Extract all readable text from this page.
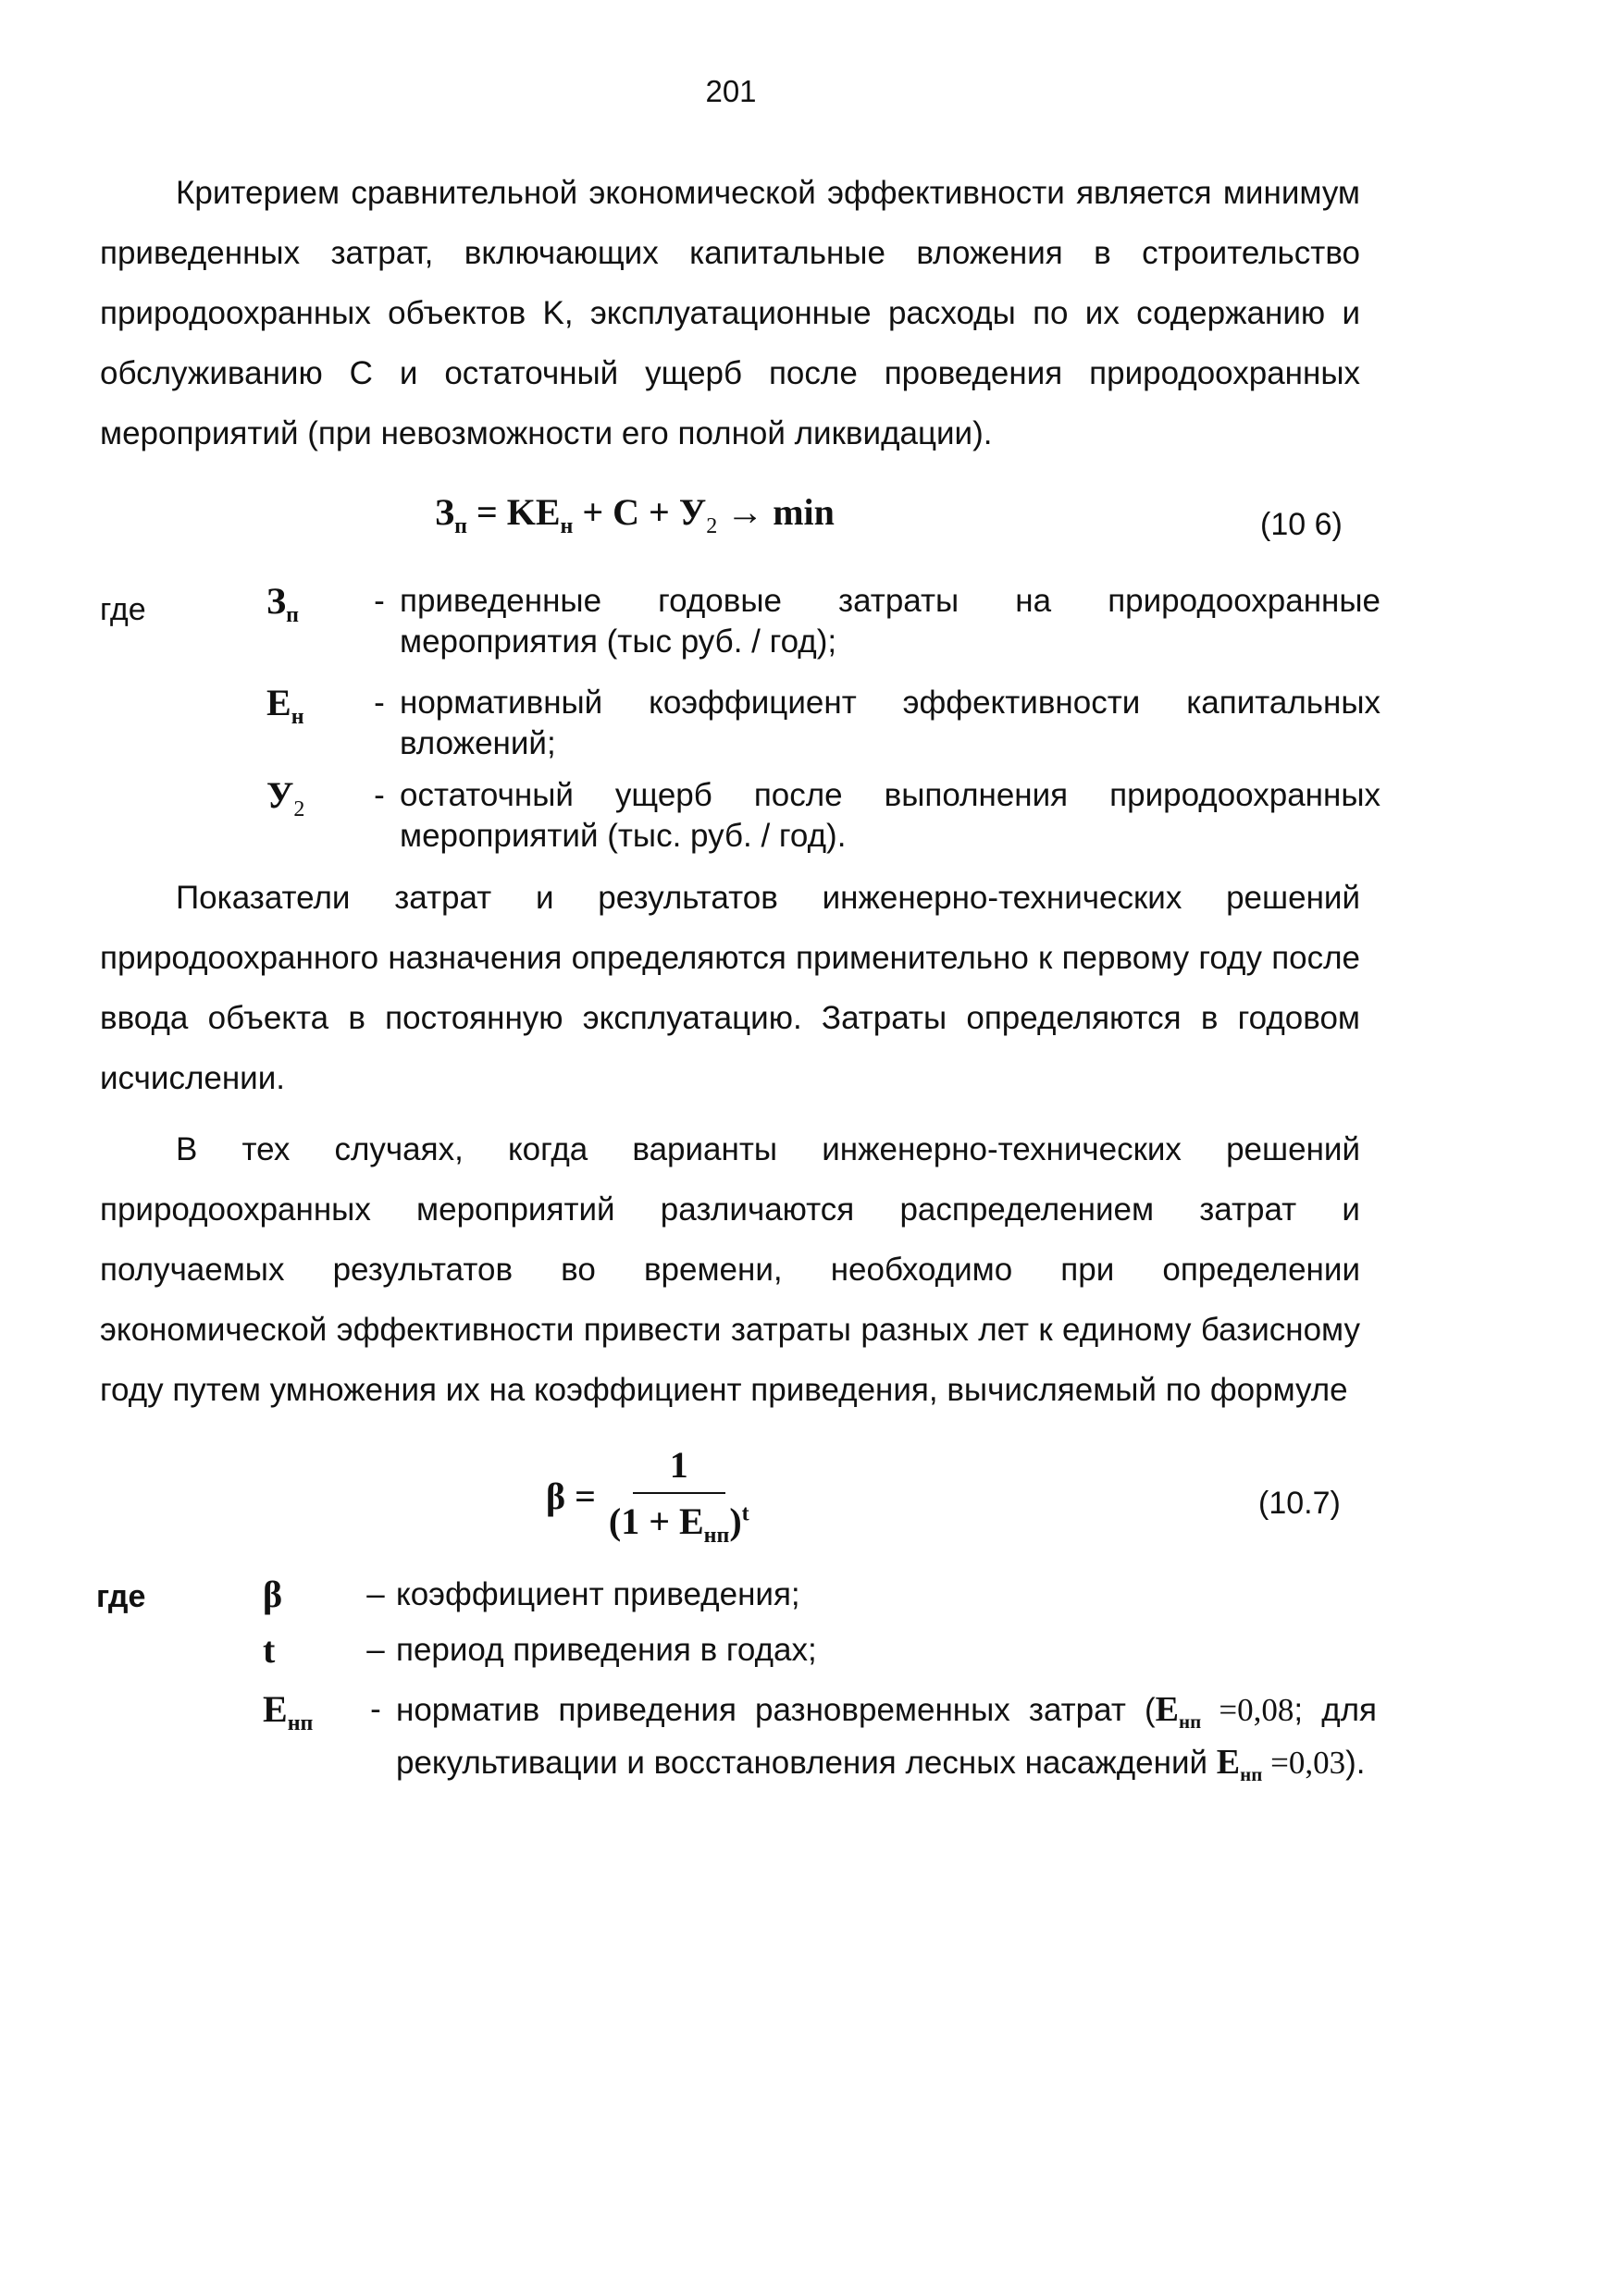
201

Критерием сравнительной экономической эффективности является минимум приведенных затрат, включающих капитальные вложения в строительство природоохранных объектов K, эксплуатационные расходы по их содержанию и обслуживанию C и остаточный ущерб после проведения природоохранных мероприятий (при невозможности его полной ликвидации).

$З_п = KE_н + C + У_2 \to \min$	(10 6)
где	$З_п$	- приведенные годовые затраты на природоохранные мероприятия (тыс руб. / год);
$E_н$	- нормативный коэффициент эффективности капитальных вложений;
$У_2$	- остаточный ущерб после выполнения природоохранных мероприятий (тыс. руб. / год).

Показатели затрат и результатов инженерно-технических решений природоохранного назначения определяются применительно к первому году после ввода объекта в постоянную эксплуатацию. Затраты определяются в годовом исчислении.

В тех случаях, когда варианты инженерно-технических решений природоохранных мероприятий различаются распределением затрат и получаемых результатов во времени, необходимо при определении экономической эффективности привести затраты разных лет к единому базисному году путем умножения их на коэффициент приведения, вычисляемый по формуле

$\beta = \frac{1}{(1 + E_{нп})^t}$	(10.7)
где	β	– коэффициент приведения;
t	– период приведения в годах;
$E_{нп}$	- норматив приведения разновременных затрат ($E_{нп} =0,08$; для рекультивации и восстановления лесных насаждений $E_{нп} =0,03$).
